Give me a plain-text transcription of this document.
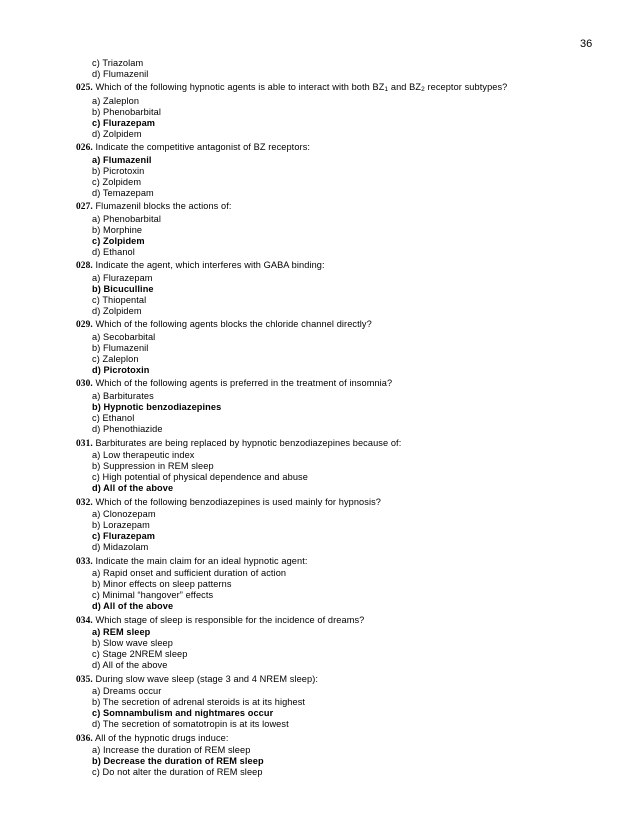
36
c) Triazolam
d) Flumazenil
025. Which of the following hypnotic agents is able to interact with both $BZ_1$ and $BZ_2$ receptor subtypes?
a) Zaleplon
b) Phenobarbital
c) Flurazepam
d) Zolpidem
026. Indicate the competitive antagonist of BZ receptors:
a) Flumazenil
b) Picrotoxin
c) Zolpidem
d) Temazepam
027. Flumazenil blocks the actions of:
a) Phenobarbital
b) Morphine
c) Zolpidem
d) Ethanol
028. Indicate the agent, which interferes with GABA binding:
a) Flurazepam
b) Bicuculline
c) Thiopental
d) Zolpidem
029. Which of the following agents blocks the chloride channel directly?
a) Secobarbital
b) Flumazenil
c) Zaleplon
d) Picrotoxin
030. Which of the following agents is preferred in the treatment of insomnia?
a) Barbiturates
b) Hypnotic benzodiazepines
c) Ethanol
d) Phenothiazide
031. Barbiturates are being replaced by hypnotic benzodiazepines because of:
a) Low therapeutic index
b) Suppression in REM sleep
c) High potential of physical dependence and abuse
d) All of the above
032. Which of the following benzodiazepines is used mainly for hypnosis?
a) Clonozepam
b) Lorazepam
c) Flurazepam
d) Midazolam
033. Indicate the main claim for an ideal hypnotic agent:
a) Rapid onset and sufficient duration of action
b) Minor effects on sleep patterns
c) Minimal “hangover” effects
d) All of the above
034. Which stage of sleep is responsible for the incidence of dreams?
a) REM sleep
b) Slow wave sleep
c) Stage 2NREM sleep
d) All of the above
035. During slow wave sleep (stage 3 and 4 NREM sleep):
a) Dreams occur
b) The secretion of adrenal steroids is at its highest
c) Somnambulism and nightmares occur
d) The secretion of somatotropin is at its lowest
036. All of the hypnotic drugs induce:
a) Increase the duration of REM sleep
b) Decrease the duration of REM sleep
c) Do not alter the duration of REM sleep
